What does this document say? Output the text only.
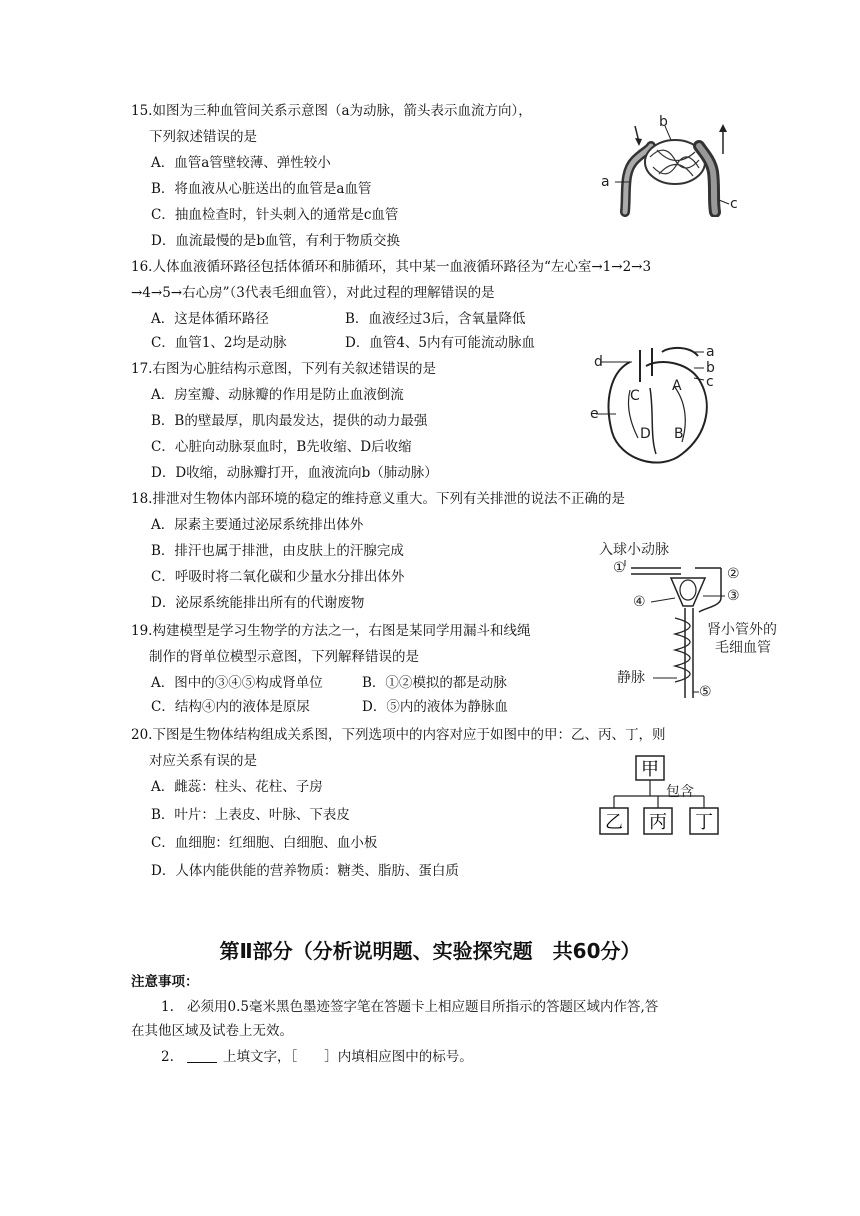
15.如图为三种血管间关系示意图（a为动脉，箭头表示血流方向），
下列叙述错误的是
A．血管a管壁较薄、弹性较小
B．将血液从心脏送出的血管是a血管
C．抽血检查时，针头刺入的通常是c血管
D．血流最慢的是b血管，有利于物质交换
b
a
c
16.人体血液循环路径包括体循环和肺循环，其中某一血液循环路径为“左心室→1→2→3
→4→5→右心房”（3代表毛细血管），对此过程的理解错误的是
A．这是体循环路径	B．血液经过3后，含氧量降低
C．血管1、2均是动脉	D．血管4、5内有可能流动脉血
17.右图为心脏结构示意图，下列有关叙述错误的是
A．房室瓣、动脉瓣的作用是防止血液倒流
B．B的壁最厚，肌肉最发达，提供的动力最强
C．心脏向动脉泵血时，B先收缩、D后收缩
D．D收缩，动脉瓣打开，血液流向b（肺动脉）
a
b
c
d
e
A
B
C
D
18.排泄对生物体内部环境的稳定的维持意义重大。下列有关排泄的说法不正确的是
A．尿素主要通过泌尿系统排出体外
B．排汗也属于排泄，由皮肤上的汗腺完成
C．呼吸时将二氧化碳和少量水分排出体外
D．泌尿系统能排出所有的代谢废物
19.构建模型是学习生物学的方法之一，右图是某同学用漏斗和线绳
制作的肾单位模型示意图，下列解释错误的是
A．图中的③④⑤构成肾单位	B．①②模拟的都是动脉
C．结构④内的液体是原尿	D．⑤内的液体为静脉血
入球小动脉
①	②
③
④
肾小管外的
毛细血管
静脉
⑤
20.下图是生物体结构组成关系图，下列选项中的内容对应于如图中的甲：乙、丙、丁，则
对应关系有误的是
A．雌蕊：柱头、花柱、子房
B．叶片：上表皮、叶脉、下表皮
C．血细胞：红细胞、白细胞、血小板
D．人体内能供能的营养物质：糖类、脂肪、蛋白质
甲
包含
乙 丙 丁
第Ⅱ部分（分析说明题、实验探究题　共60分）
注意事项：
1. 必须用0.5毫米黑色墨迹签字笔在答题卡上相应题目所指示的答题区域内作答,答
在其他区域及试卷上无效。
2.	上填文字，［　　］内填相应图中的标号。
